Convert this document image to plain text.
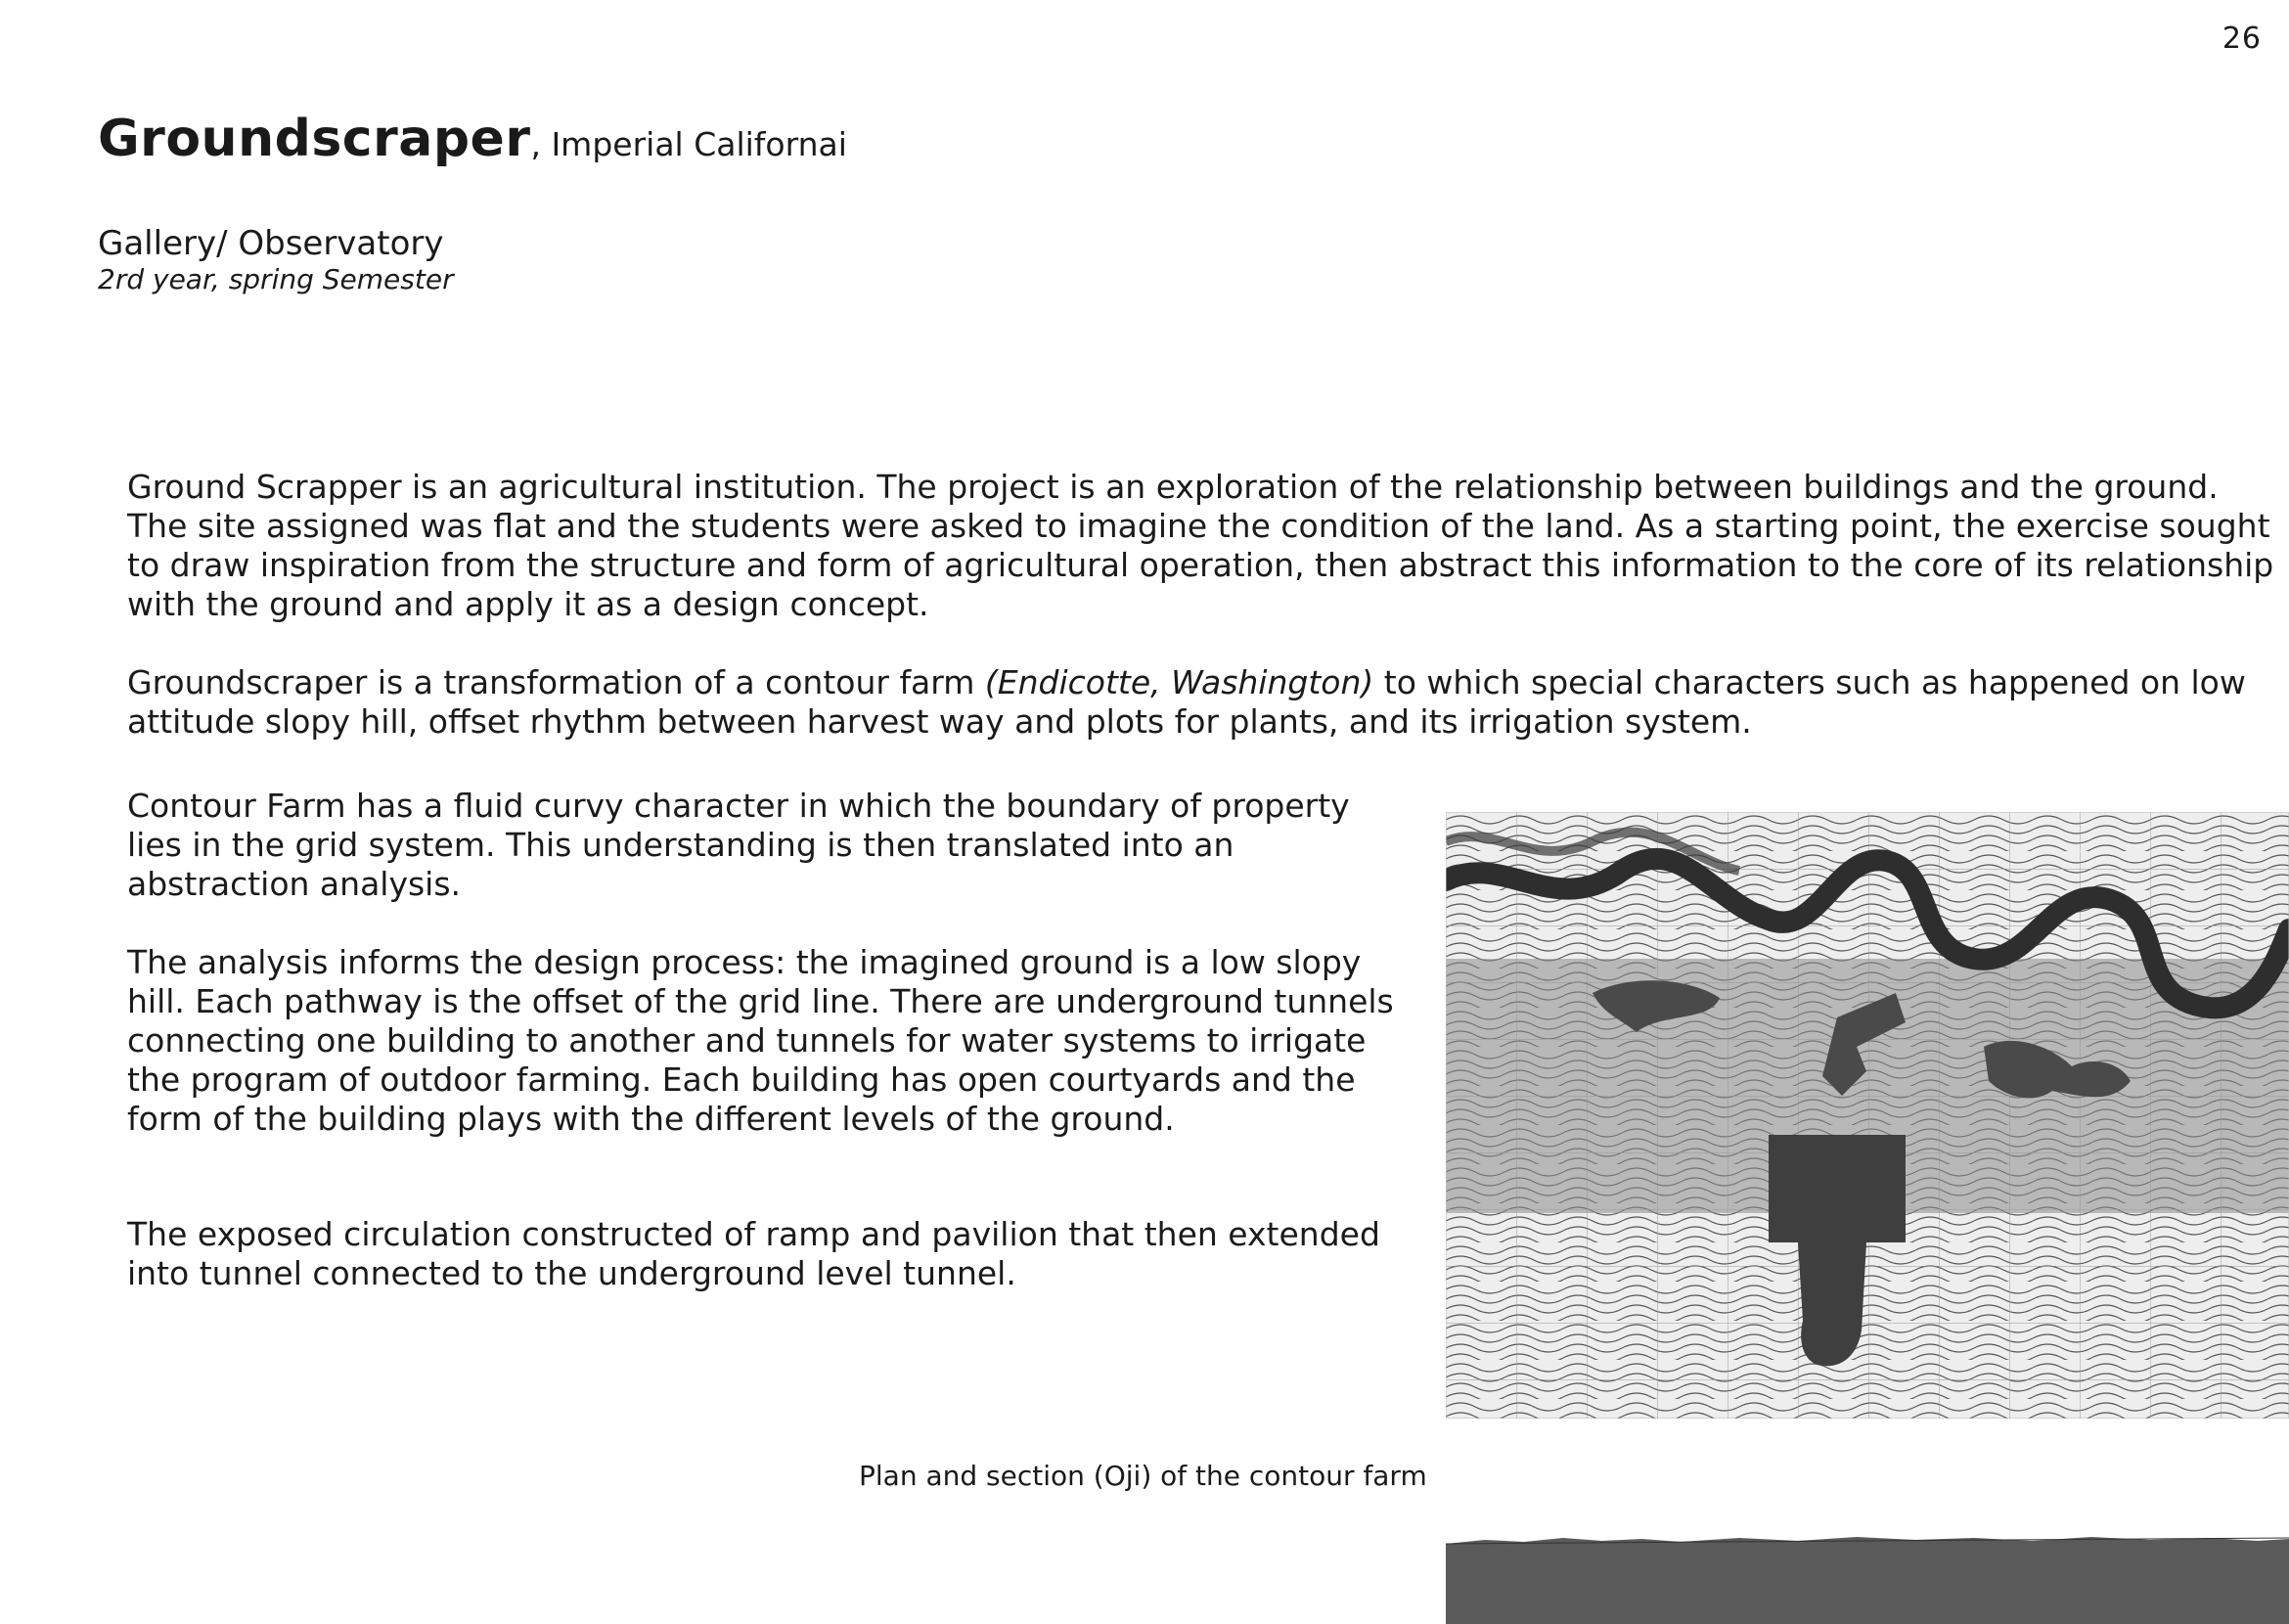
26
Groundscraper, Imperial Californai
Gallery/ Observatory
2rd year, spring Semester

Ground Scrapper is an agricultural institution. The project is an exploration of the relationship between buildings and the ground. The site assigned was flat and the students were asked to imagine the condition of the land. As a starting point, the exercise sought to draw inspiration from the structure and form of agricultural operation, then abstract this information to the core of its relationship with the ground and apply it as a design concept.

Groundscraper is a transformation of a contour farm (Endicotte, Washington) to which special characters such as happened on low attitude slopy hill, offset rhythm between harvest way and plots for plants, and its irrigation system.

Contour Farm has a fluid curvy character in which the boundary of property lies in the grid system. This understanding is then translated into an abstraction analysis.

The analysis informs the design process: the imagined ground is a low slopy hill. Each pathway is the offset of the grid line. There are underground tunnels connecting one building to another and tunnels for water systems to irrigate the program of outdoor farming. Each building has open courtyards and the form of the building plays with the different levels of the ground.

The exposed circulation constructed of ramp and pavilion that then extended into tunnel connected to the underground level tunnel.

Plan and section (Oji) of the contour farm
